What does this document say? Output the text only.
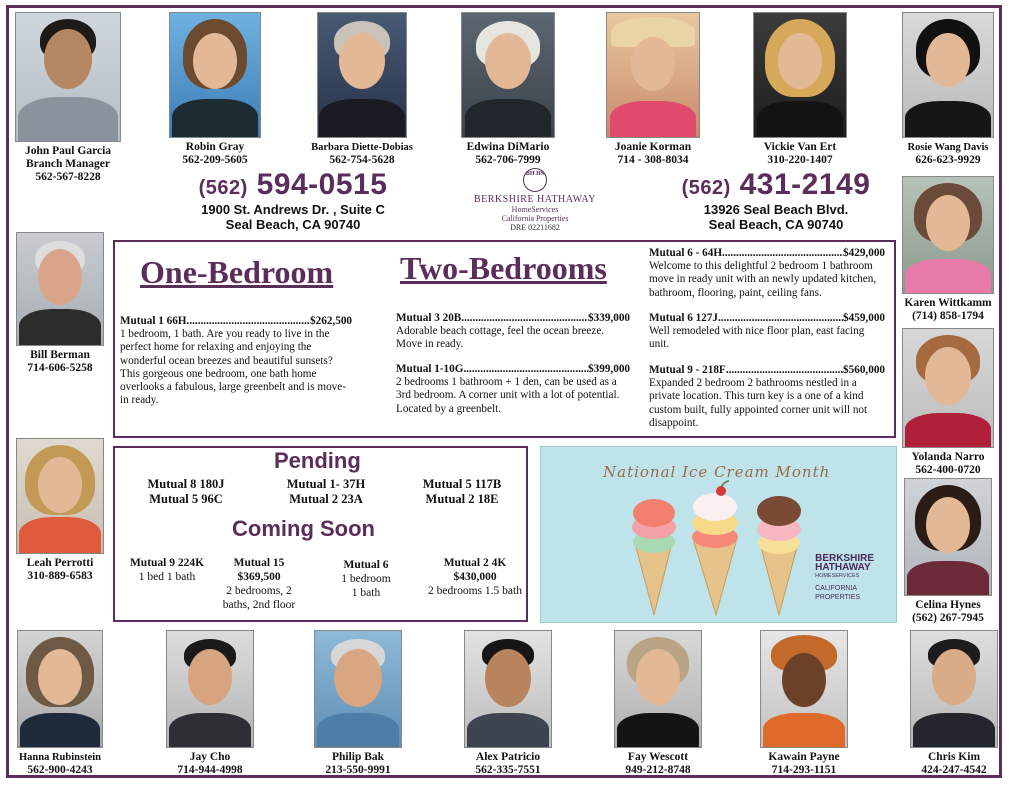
John Paul Garcia
Branch Manager
562-567-8228
Robin Gray
562-209-5605
Barbara Diette-Dobias
562-754-5628
Edwina DiMario
562-706-7999
Joanie Korman
714 - 308-8034
Vickie Van Ert
310-220-1407
Rosie Wang Davis
626-623-9929
(562) 594-0515
1900 St. Andrews Dr. , Suite C
Seal Beach, CA 90740
BH HS
BERKSHIRE HATHAWAY
HomeServices
California Properties
DRE 02211682
(562) 431-2149
13926 Seal Beach Blvd.
Seal Beach, CA 90740
Bill Berman
714-606-5258
Leah Perrotti
310-889-6583
Karen Wittkamm
(714) 858-1794
Yolanda Narro
562-400-0720
Celina Hynes
(562) 267-7945
One-Bedroom Two-Bedrooms
Mutual 1 66H .....	$262,500
1 bedroom, 1 bath. Are you ready to live in the perfect home for relaxing and enjoying the wonderful ocean breezes and beautiful sunsets? This gorgeous one bedroom, one bath home overlooks a fabulous, large greenbelt and is move-in ready.
Mutual 3 20B .....	$339,000
Adorable beach cottage, feel the ocean breeze. Move in ready.
Mutual 1-10G .....	$399,000
2 bedrooms 1 bathroom + 1 den, can be used as a 3rd bedroom. A corner unit with a lot of potential. Located by a greenbelt.
Mutual 6 - 64H .....	$429,000
Welcome to this delightful 2 bedroom 1 bathroom move in ready unit with an newly updated kitchen, bathroom, flooring, paint, ceiling fans.
Mutual 6 127J .....	$459,000
Well remodeled with nice floor plan, east facing unit.
Mutual 9 - 218F .....	$560,000
Expanded 2 bedroom 2 bathrooms nestled in a private location. This turn key is a one of a kind custom built, fully appointed corner unit will not disappoint.
Pending
Mutual 8 180J
Mutual 5 96C
Mutual 1- 37H
Mutual 2 23A
Mutual 5 117B
Mutual 2 18E
Coming Soon
Mutual 9 224K
1 bed 1 bath
Mutual 15
$369,500
2 bedrooms, 2 baths, 2nd floor
Mutual 6
1 bedroom 1 bath
Mutual 2 4K
$430,000
2 bedrooms 1.5 bath
National Ice Cream Month
BERKSHIRE
HATHAWAY
HOMESERVICES
CALIFORNIA
PROPERTIES
Hanna Rubinstein
562-900-4243
Jay Cho
714-944-4998
Philip Bak
213-550-9991
Alex Patricio
562-335-7551
Fay Wescott
949-212-8748
Kawain Payne
714-293-1151
Chris Kim
424-247-4542
